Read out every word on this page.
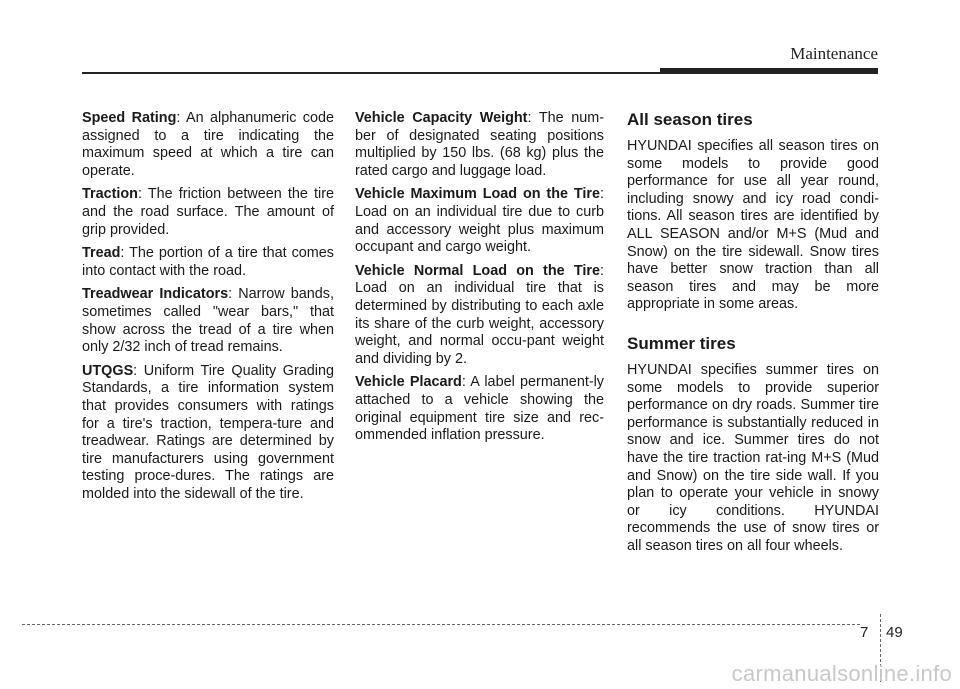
Maintenance

Speed Rating: An alphanumeric code assigned to a tire indicating the maximum speed at which a tire can operate.

Traction: The friction between the tire and the road surface. The amount of grip provided.

Tread: The portion of a tire that comes into contact with the road.

Treadwear Indicators: Narrow bands, sometimes called "wear bars," that show across the tread of a tire when only 2/32 inch of tread remains.

UTQGS: Uniform Tire Quality Grading Standards, a tire information system that provides consumers with ratings for a tire's traction, tempera-ture and treadwear. Ratings are determined by tire manufacturers using government testing proce-dures. The ratings are molded into the sidewall of the tire.

Vehicle Capacity Weight: The num-ber of designated seating positions multiplied by 150 lbs. (68 kg) plus the rated cargo and luggage load.

Vehicle Maximum Load on the Tire: Load on an individual tire due to curb and accessory weight plus maximum occupant and cargo weight.

Vehicle Normal Load on the Tire: Load on an individual tire that is determined by distributing to each axle its share of the curb weight, accessory weight, and normal occu-pant weight and dividing by 2.

Vehicle Placard: A label permanent-ly attached to a vehicle showing the original equipment tire size and rec-ommended inflation pressure.

All season tires

HYUNDAI specifies all season tires on some models to provide good performance for use all year round, including snowy and icy road condi-tions. All season tires are identified by ALL SEASON and/or M+S (Mud and Snow) on the tire sidewall. Snow tires have better snow traction than all season tires and may be more appropriate in some areas.

Summer tires

HYUNDAI specifies summer tires on some models to provide superior performance on dry roads. Summer tire performance is substantially reduced in snow and ice. Summer tires do not have the tire traction rat-ing M+S (Mud and Snow) on the tire side wall. If you plan to operate your vehicle in snowy or icy conditions. HYUNDAI recommends the use of snow tires or all season tires on all four wheels.

7 49
carmanualsonline.info
